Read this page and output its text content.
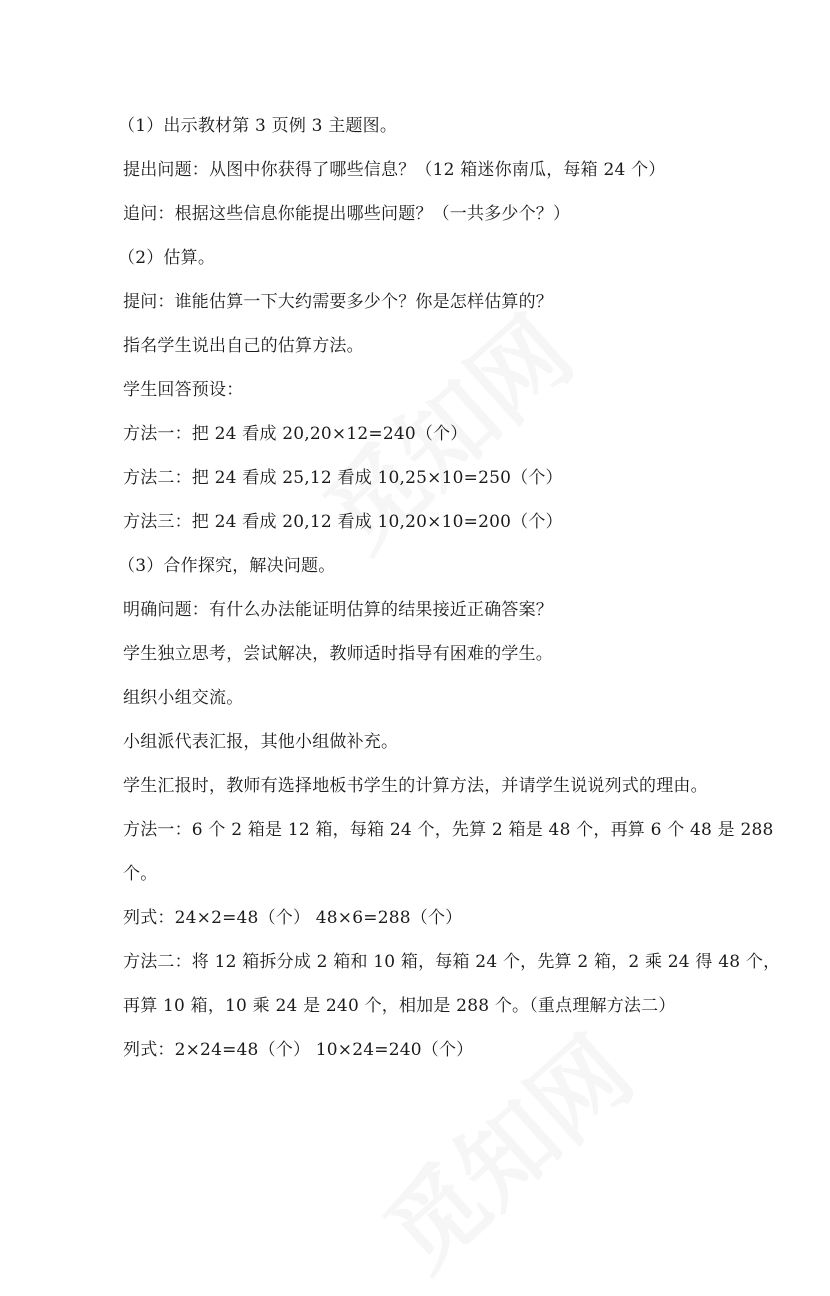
（1）出示教材第 3 页例 3 主题图。
提出问题：从图中你获得了哪些信息？（12 箱迷你南瓜，每箱 24 个）
追问：根据这些信息你能提出哪些问题？（一共多少个？）
（2）估算。
提问：谁能估算一下大约需要多少个？你是怎样估算的？
指名学生说出自己的估算方法。
学生回答预设：
方法一：把 24 看成 20,20×12=240（个）
方法二：把 24 看成 25,12 看成 10,25×10=250（个）
方法三：把 24 看成 20,12 看成 10,20×10=200（个）
（3）合作探究，解决问题。
明确问题：有什么办法能证明估算的结果接近正确答案？
学生独立思考，尝试解决，教师适时指导有困难的学生。
组织小组交流。
小组派代表汇报，其他小组做补充。
学生汇报时，教师有选择地板书学生的计算方法，并请学生说说列式的理由。
方法一：6 个 2 箱是 12 箱，每箱 24 个，先算 2 箱是 48 个，再算 6 个 48 是 288
个。
列式：24×2=48（个） 48×6=288（个）
方法二：将 12 箱拆分成 2 箱和 10 箱，每箱 24 个，先算 2 箱，2 乘 24 得 48 个，
再算 10 箱，10 乘 24 是 240 个，相加是 288 个。（重点理解方法二）
列式：2×24=48（个） 10×24=240（个）
